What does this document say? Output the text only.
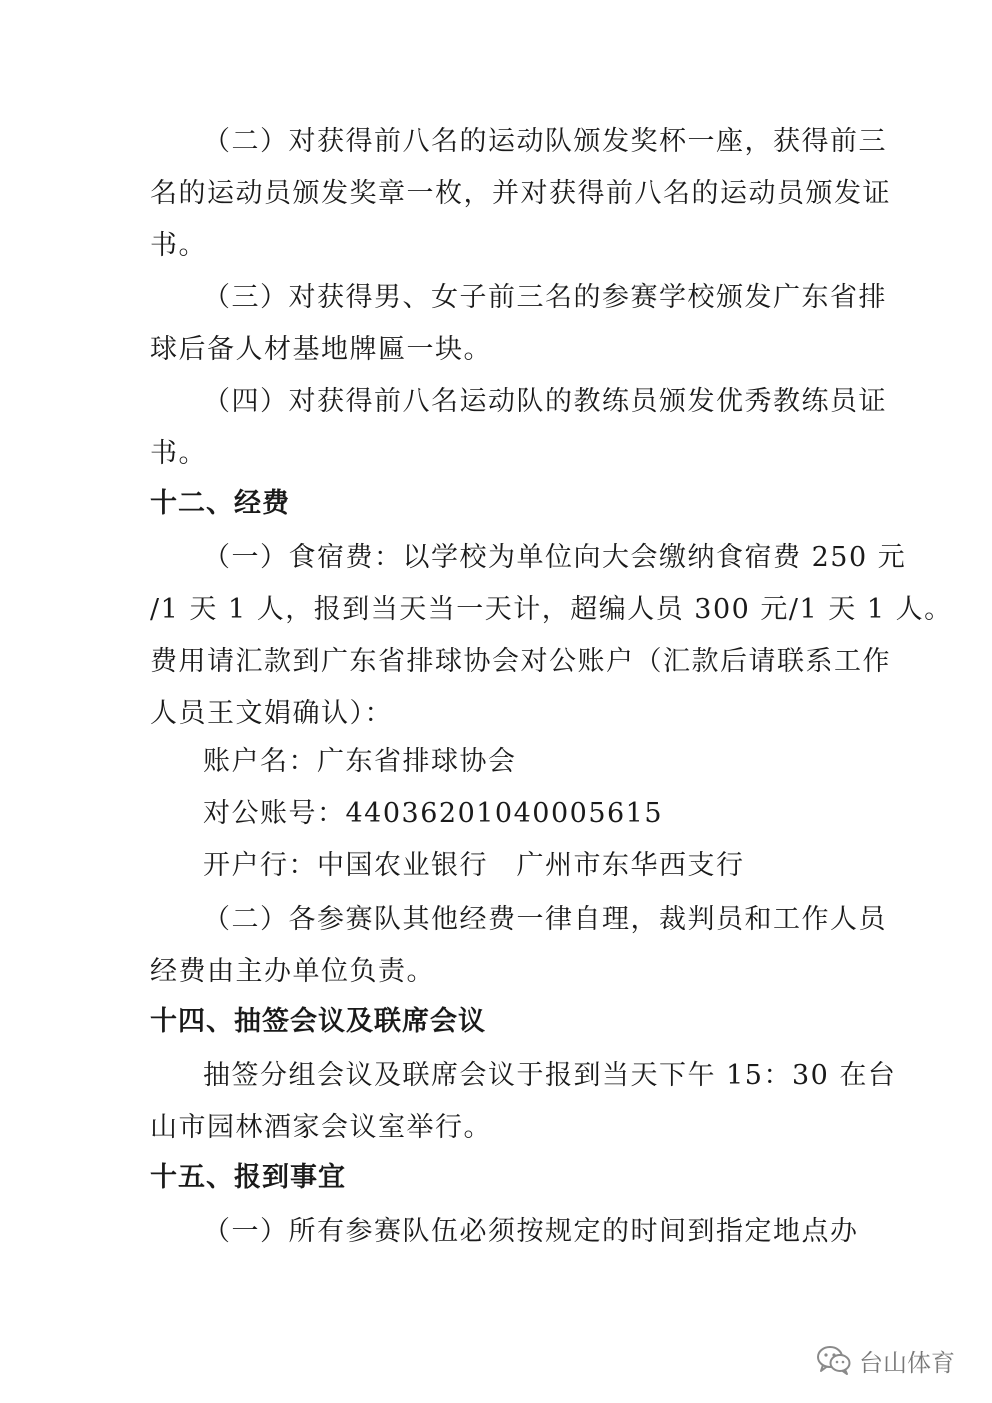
（二）对获得前八名的运动队颁发奖杯一座，获得前三
名的运动员颁发奖章一枚，并对获得前八名的运动员颁发证
书。
（三）对获得男、女子前三名的参赛学校颁发广东省排
球后备人材基地牌匾一块。
（四）对获得前八名运动队的教练员颁发优秀教练员证
书。
十二、经费
（一）食宿费：以学校为单位向大会缴纳食宿费 250 元
/1 天 1 人，报到当天当一天计，超编人员 300 元/1 天 1 人。
费用请汇款到广东省排球协会对公账户（汇款后请联系工作
人员王文娟确认）：
账户名：广东省排球协会
对公账号：44036201040005615
开户行：中国农业银行　广州市东华西支行
（二）各参赛队其他经费一律自理，裁判员和工作人员
经费由主办单位负责。
十四、抽签会议及联席会议
抽签分组会议及联席会议于报到当天下午 15：30 在台
山市园林酒家会议室举行。
十五、报到事宜
（一）所有参赛队伍必须按规定的时间到指定地点办
台山体育
